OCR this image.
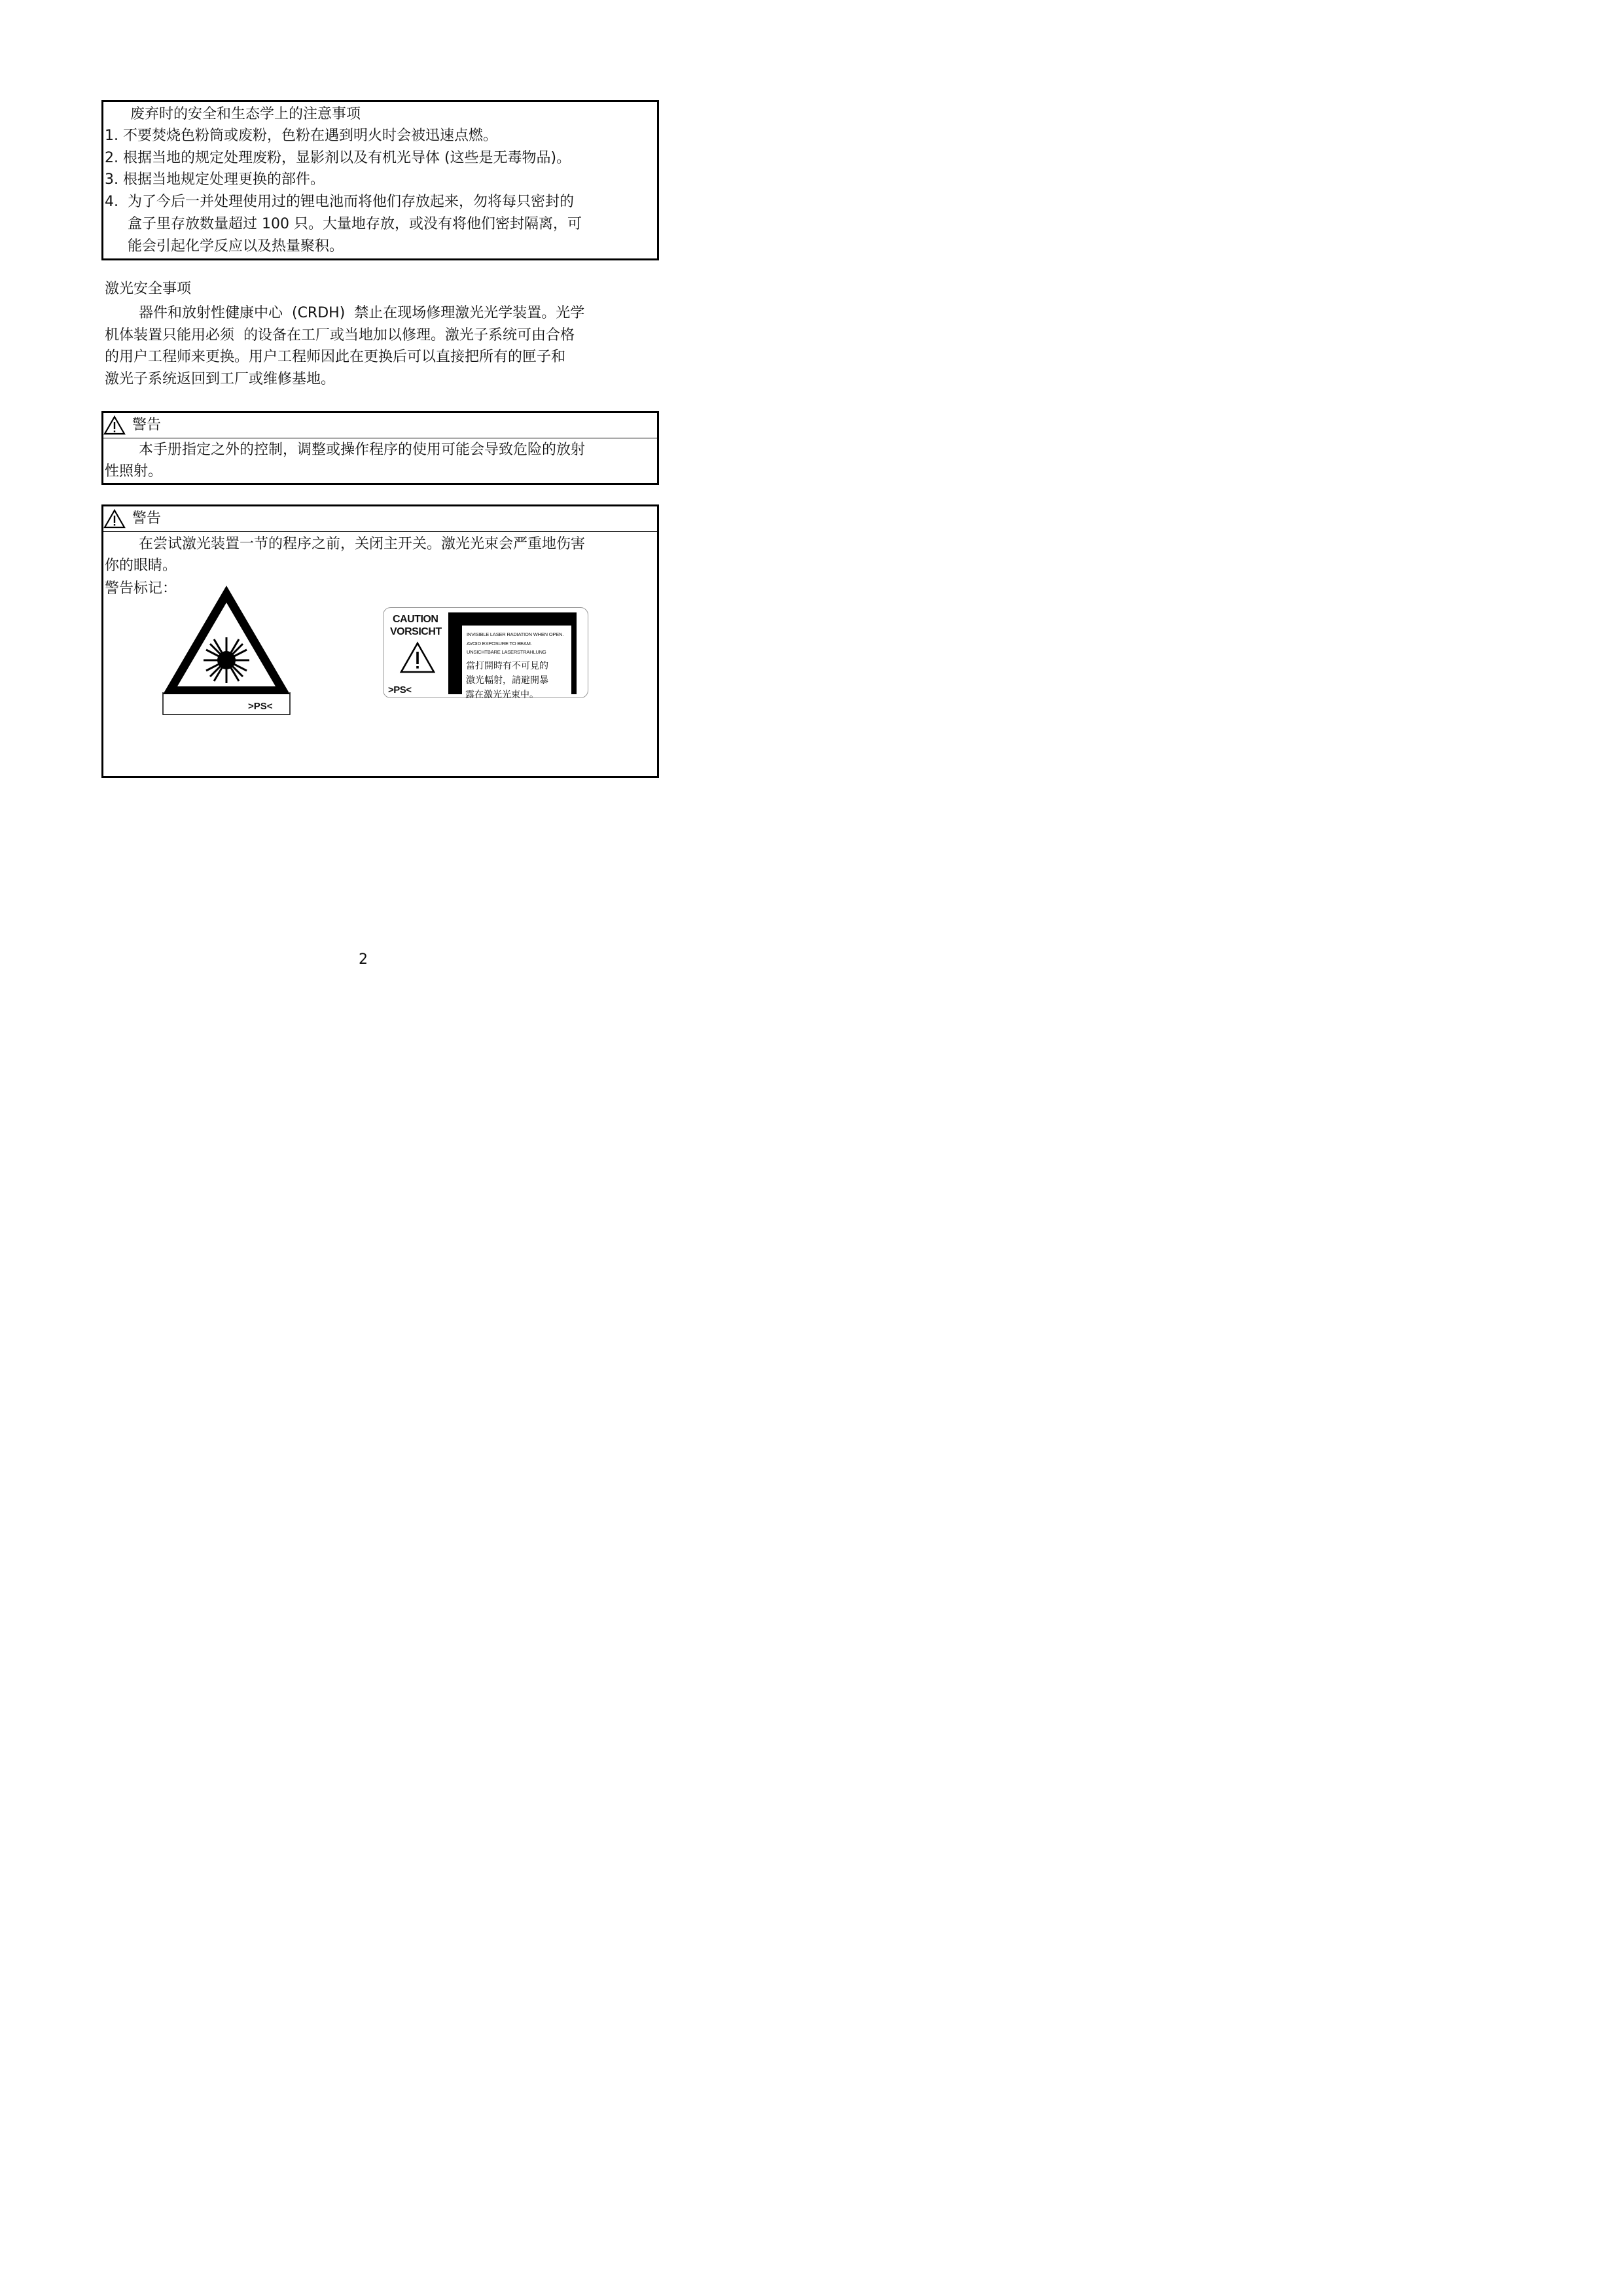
废弃时的安全和生态学上的注意事项
1. 不要焚烧色粉筒或废粉，色粉在遇到明火时会被迅速点燃。
2. 根据当地的规定处理废粉，显影剂以及有机光导体 (这些是无毒物品)。
3. 根据当地规定处理更换的部件。
4.  为了今后一并处理使用过的锂电池而将他们存放起来，勿将每只密封的
盒子里存放数量超过 100 只。大量地存放，或没有将他们密封隔离，可
能会引起化学反应以及热量聚积。
激光安全事项
器件和放射性健康中心  (CRDH)  禁止在现场修理激光光学装置。光学
机体装置只能用必须  的设备在工厂或当地加以修理。激光子系统可由合格
的用户工程师来更换。用户工程师因此在更换后可以直接把所有的匣子和
激光子系统返回到工厂或维修基地。
警告
本手册指定之外的控制，调整或操作程序的使用可能会导致危险的放射
性照射。
警告
在尝试激光装置一节的程序之前，关闭主开关。激光光束会严重地伤害
你的眼睛。
警告标记：
>PS<
CAUTION
VORSICHT
>PS<
INVISIBLE LASER RADIATION WHEN OPEN.
AVOID EXPOSURE TO BEAM.
UNSICHTBARE LASERSTRAHLUNG
當打開時有不可見的
激光輻射，請避開暴
露在激光光束中。
2
